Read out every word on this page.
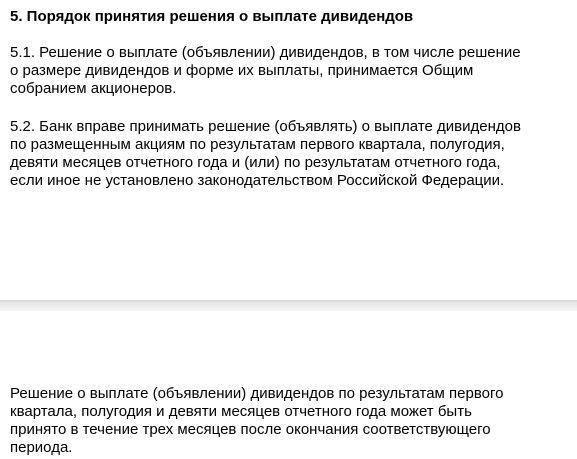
5. Порядок принятия решения о выплате дивидендов

5.1. Решение о выплате (объявлении) дивидендов, в том числе решение
о размере дивидендов и форме их выплаты, принимается Общим
собранием акционеров.

5.2. Банк вправе принимать решение (объявлять) о выплате дивидендов
по размещенным акциям по результатам первого квартала, полугодия,
девяти месяцев отчетного года и (или) по результатам отчетного года,
если иное не установлено законодательством Российской Федерации.

Решение о выплате (объявлении) дивидендов по результатам первого
квартала, полугодия и девяти месяцев отчетного года может быть
принято в течение трех месяцев после окончания соответствующего
периода.
